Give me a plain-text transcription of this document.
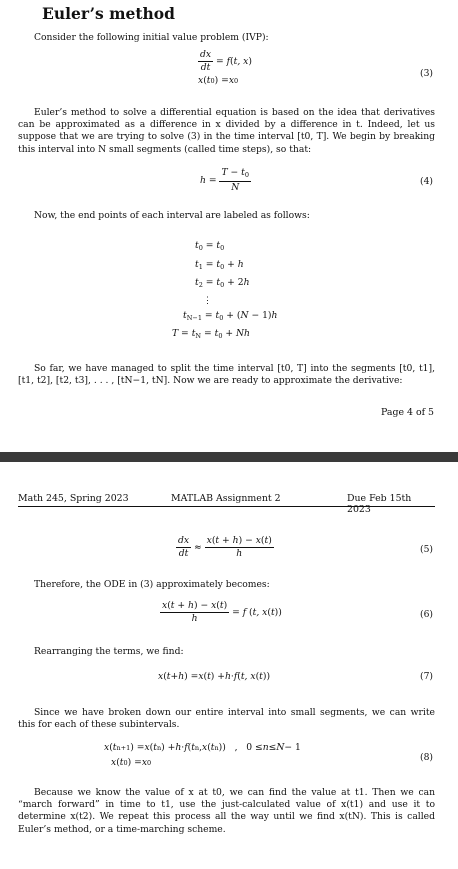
Euler’s method
Consider the following initial value problem (IVP):
$\frac{dx}{dt} = f(t$, x)
x ( t 0 ) = x 0
(3)
Euler’s method to solve a differential equation is based on the idea that derivatives can be approximated as a difference in x divided by a difference in t. Indeed, let us suppose that we are trying to solve (3) in the time interval [t0, T]. We begin by breaking this interval into N small segments (called time steps), so that:
$h = \frac{T - t_0}{N}$	(4)
Now, the end points of each interval are labeled as follows:
$t_0 = t_0$
$t_1 = t_0 + h$
$t_2 = t_0 + 2h$
⋮
$t_{N-1} = t_0 + (N - 1)h$
$T = t_N = t_0 + Nh$
So far, we have managed to split the time interval [t0, T] into the segments [t0, t1], [t1, t2], [t2, t3], . . . , [tN−1, tN]. Now we are ready to approximate the derivative:
Page 4 of 5
Math 245, Spring 2023	MATLAB Assignment 2	Due Feb 15th 2023
$\frac{dx}{dt} \approx \frac{x(t + h) - x(t)}{h}$	(5)
Therefore, the ODE in (3) approximately becomes:
$\frac{x(t + h) - x(t)}{h} = f$ (t, x(t))	(6)
Rearranging the terms, we find:
x ( t + h ) = x ( t ) + h · f ( t, x ( t ))	(7)
Since we have broken down our entire interval into small segments, we can write this for each of these subintervals.
x ( t n+1 ) = x ( t n ) + h · f ( t n , x ( t n ))   ,   0 ≤ n ≤ N − 1
x ( t 0 ) = x 0	(8)
Because we know the value of x at t0, we can find the value at t1. Then we can “march forward” in time to t1, use the just-calculated value of x(t1) and use it to determine x(t2). We repeat this process all the way until we find x(tN). This is called Euler’s method, or a time-marching scheme.
